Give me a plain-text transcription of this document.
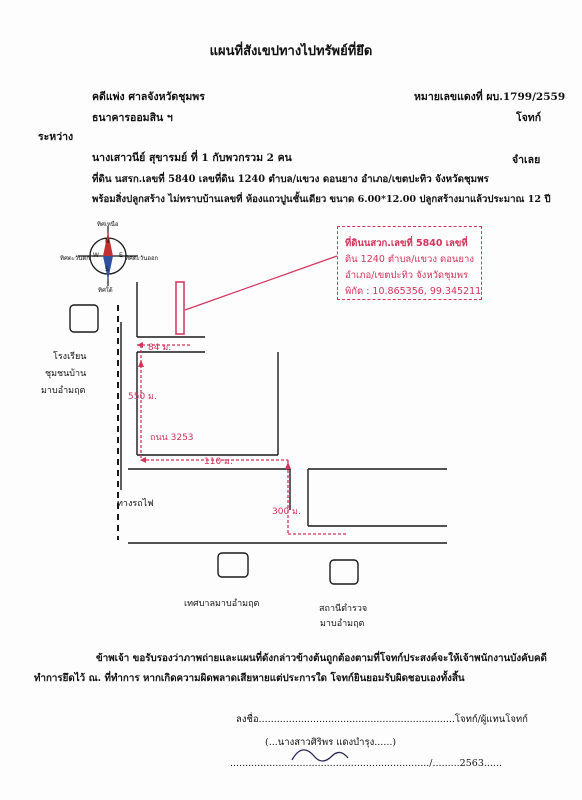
แผนที่สังเขปทางไปทรัพย์ที่ยึด
คดีแพ่ง ศาลจังหวัดชุมพร	หมายเลขแดงที่ ผบ.1799/2559
ธนาคารออมสิน ฯ	โจทก์
ระหว่าง
นางเสาวนีย์ สุขารมย์ ที่ 1 กับพวกรวม 2 คน	จำเลย
ที่ดิน นสรก.เลขที่ 5840 เลขที่ดิน 1240 ตำบล/แขวง ดอนยาง อำเภอ/เขตปะทิว จังหวัดชุมพร
พร้อมสิ่งปลูกสร้าง ไม่ทราบบ้านเลขที่ ห้องแถวปูนชั้นเดียว ขนาด 6.00*12.00 ปลูกสร้างมาแล้วประมาณ 12 ปี
ทิศเหนือ
ทิศใต้
ทิศตะวันตก	ทิศตะวันออก
N
S
W	E
ที่ดินนสวก.เลขที่ 5840 เลขที่
ดิน 1240 ตำบล/แขวง ดอนยาง
อำเภอ/เขตปะทิว จังหวัดชุมพร
พิกัด : 10.865356, 99.345211
84 ม.
550 ม.
ถนน 3253
110 ม.
300 ม.
โรงเรียน
ชุมชนบ้าน
มาบอำมฤต
ทางรถไฟ
เทศบาลมาบอำมฤต	สถานีตำรวจ
มาบอำมฤต
ข้าพเจ้า ขอรับรองว่าภาพถ่ายและแผนที่ดังกล่าวข้างต้นถูกต้องตามที่โจทก์ประสงค์จะให้เจ้าพนักงานบังคับคดี
ทำการยึดไว้ ณ. ที่ทำการ หากเกิดความผิดพลาดเสียหายแต่ประการใด โจทก์ยินยอมรับผิดชอบเองทั้งสิ้น
ลงชื่อ.................................................................โจทก์/ผู้แทนโจทก์
(...นางสาวศิริพร แดงบำรุง......)
................................................................../.........2563......
